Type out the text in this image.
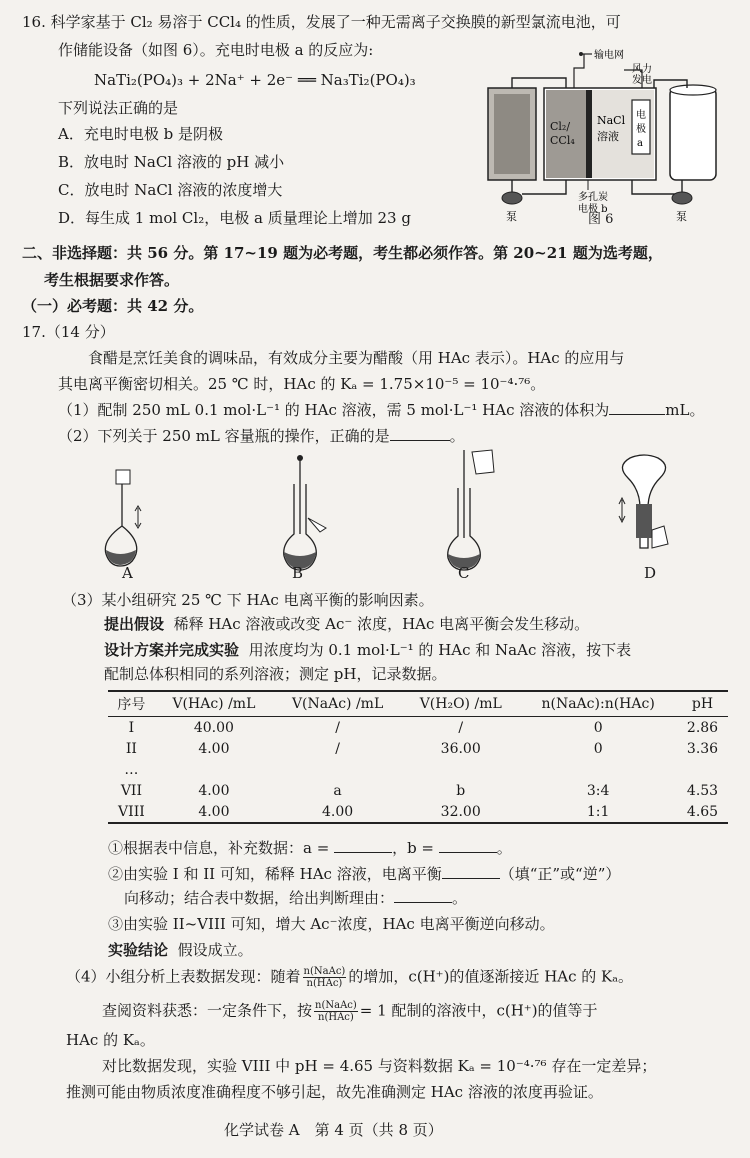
16. 科学家基于 Cl₂ 易溶于 CCl₄ 的性质，发展了一种无需离子交换膜的新型氯流电池，可
作储能设备（如图 6）。充电时电极 a 的反应为:
NaTi₂(PO₄)₃ + 2Na⁺ + 2e⁻ ══ Na₃Ti₂(PO₄)₃
下列说法正确的是
A．充电时电极 b 是阴极
B．放电时 NaCl 溶液的 pH 减小
C．放电时 NaCl 溶液的浓度增大
D．每生成 1 mol Cl₂，电极 a 质量理论上增加 23 g
输电网
风力
发电
Cl₂/
CCl₄
NaCl
溶液
电
极
a
泵	泵
多孔炭
电极 b
图 6
二、非选择题：共 56 分。第 17~19 题为必考题，考生都必须作答。第 20~21 题为选考题，
考生根据要求作答。
（一）必考题：共 42 分。
17.（14 分）
食醋是烹饪美食的调味品，有效成分主要为醋酸（用 HAc 表示）。HAc 的应用与
其电离平衡密切相关。25 ℃ 时，HAc 的 Kₐ = 1.75×10⁻⁵ = 10⁻⁴·⁷⁶。
（1）配制 250 mL 0.1 mol·L⁻¹ 的 HAc 溶液，需 5 mol·L⁻¹ HAc 溶液的体积为	mL。
（2）下列关于 250 mL 容量瓶的操作，正确的是	。
A	B	C	D
（3）某小组研究 25 ℃ 下 HAc 电离平衡的影响因素。
提出假设 稀释 HAc 溶液或改变 Ac⁻ 浓度，HAc 电离平衡会发生移动。
设计方案并完成实验 用浓度均为 0.1 mol·L⁻¹ 的 HAc 和 NaAc 溶液，按下表
配制总体积相同的系列溶液；测定 pH，记录数据。
序号	V(HAc) /mL	V(NaAc) /mL	V(H₂O) /mL	n(NaAc):n(HAc)	pH
I	40.00	/	/	0	2.86
II	4.00	/	36.00	0	3.36
…					
VII	4.00	a	b	3:4	4.53
VIII	4.00	4.00	32.00	1:1	4.65
①根据表中信息，补充数据：a =	，b =	。
②由实验 I 和 II 可知，稀释 HAc 溶液，电离平衡	（填“正”或“逆”）
向移动；结合表中数据，给出判断理由：	。
③由实验 II~VIII 可知，增大 Ac⁻浓度，HAc 电离平衡逆向移动。
实验结论 假设成立。
（4）小组分析上表数据发现：随着 $\frac{\text{n(NaAc)}}{\text{n(HAc)}}$ 的增加，c(H⁺)的值逐渐接近 HAc 的 Kₐ。
查阅资料获悉：一定条件下，按 $\frac{\text{n(NaAc)}}{\text{n(HAc)}} = 1$ 配制的溶液中，c(H⁺)的值等于
HAc 的 Kₐ。
对比数据发现，实验 VIII 中 pH = 4.65 与资料数据 Kₐ = 10⁻⁴·⁷⁶ 存在一定差异；
推测可能由物质浓度准确程度不够引起，故先准确测定 HAc 溶液的浓度再验证。
化学试卷 A　第 4 页（共 8 页）
